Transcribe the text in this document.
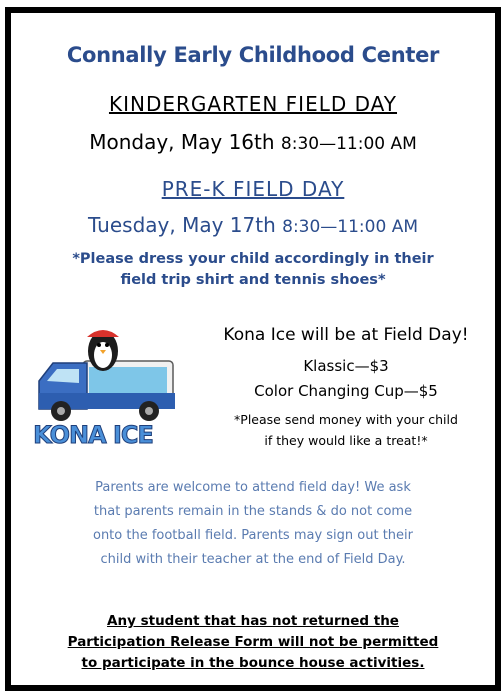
Connally Early Childhood Center
KINDERGARTEN FIELD DAY
Monday, May 16th 8:30—11:00 AM
PRE-K FIELD DAY
Tuesday, May 17th 8:30—11:00 AM
*Please dress your child accordingly in their
field trip shirt and tennis shoes*
KONA ICE
Kona Ice will be at Field Day!
Klassic—$3
Color Changing Cup—$5
*Please send money with your child
if they would like a treat!*
Parents are welcome to attend field day! We ask
that parents remain in the stands & do not come
onto the football field. Parents may sign out their
child with their teacher at the end of Field Day.
Any student that has not returned the
Participation Release Form will not be permitted
to participate in the bounce house activities.
